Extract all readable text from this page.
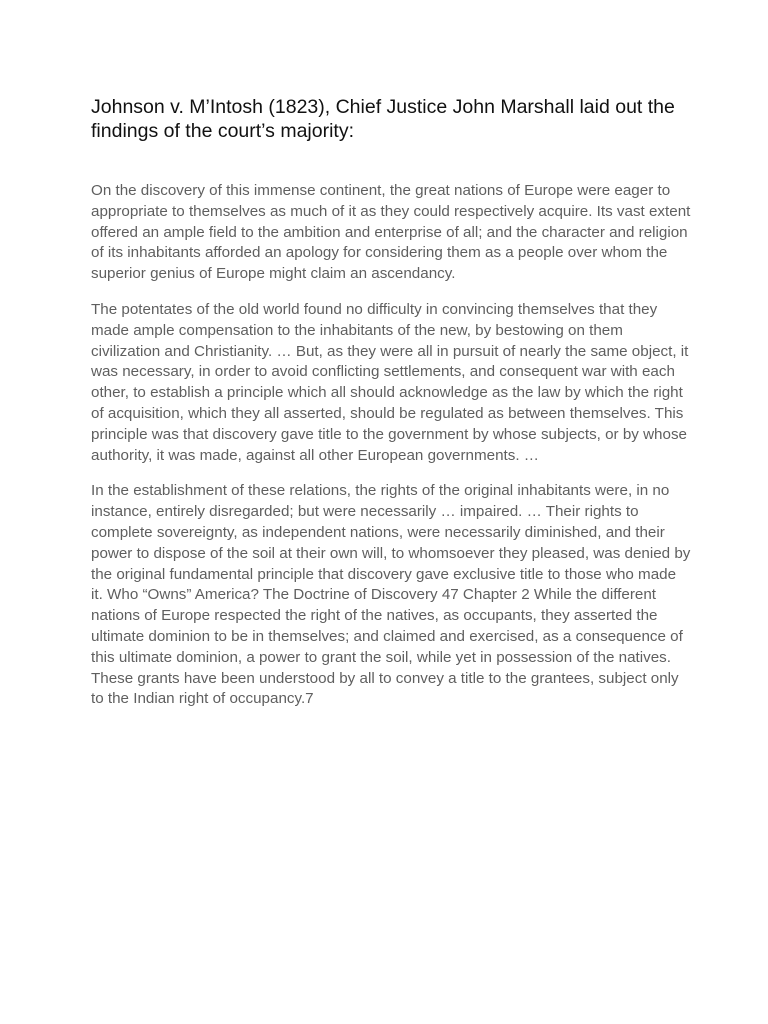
Johnson v. M’Intosh (1823), Chief Justice John Marshall laid out the findings of the court’s majority:

On the discovery of this immense continent, the great nations of Europe were eager to appropriate to themselves as much of it as they could respectively acquire. Its vast extent offered an ample field to the ambition and enterprise of all; and the character and religion of its inhabitants afforded an apology for considering them as a people over whom the superior genius of Europe might claim an ascendancy.

The potentates of the old world found no difficulty in convincing themselves that they made ample compensation to the inhabitants of the new, by bestowing on them civilization and Christianity. … But, as they were all in pursuit of nearly the same object, it was necessary, in order to avoid conflicting settlements, and consequent war with each other, to establish a principle which all should acknowledge as the law by which the right of acquisition, which they all asserted, should be regulated as between themselves. This principle was that discovery gave title to the government by whose subjects, or by whose authority, it was made, against all other European governments. …

In the establishment of these relations, the rights of the original inhabitants were, in no instance, entirely disregarded; but were necessarily … impaired. … Their rights to complete sovereignty, as independent nations, were necessarily diminished, and their power to dispose of the soil at their own will, to whomsoever they pleased, was denied by the original fundamental principle that discovery gave exclusive title to those who made it. Who “Owns” America? The Doctrine of Discovery 47 Chapter 2 While the different nations of Europe respected the right of the natives, as occupants, they asserted the ultimate dominion to be in themselves; and claimed and exercised, as a consequence of this ultimate dominion, a power to grant the soil, while yet in possession of the natives. These grants have been understood by all to convey a title to the grantees, subject only to the Indian right of occupancy.7
